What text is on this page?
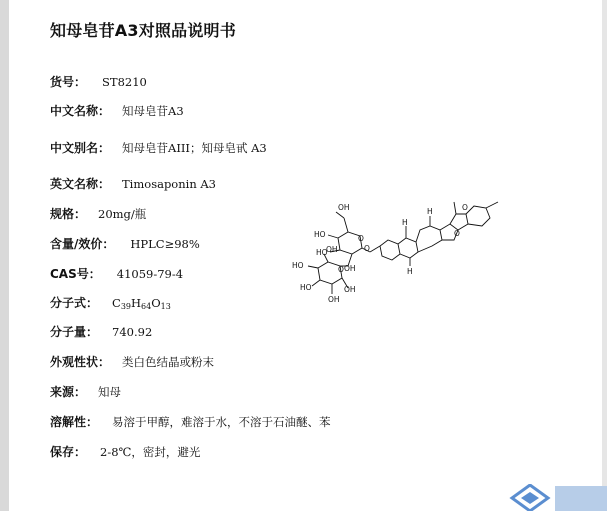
知母皂苷A3对照品说明书
货号： ST8210
中文名称： 知母皂苷A3
中文别名： 知母皂苷AIII；知母皂甙 A3
英文名称： Timosaponin A3
规格： 20mg/瓶
含量/效价： HPLC≥98%
CAS号： 41059-79-4
分子式： $C_{39}H_{64}O_{13}$
分子量： 740.92
外观性状： 类白色结晶或粉末
来源： 知母
溶解性： 易溶于甲醇，难溶于水，不溶于石油醚、苯
保存： 2-8℃，密封，避光
OH
HO
HO
OH
O
O
OH
HO
HO
OH
OH
O
H
H
H
O
O
